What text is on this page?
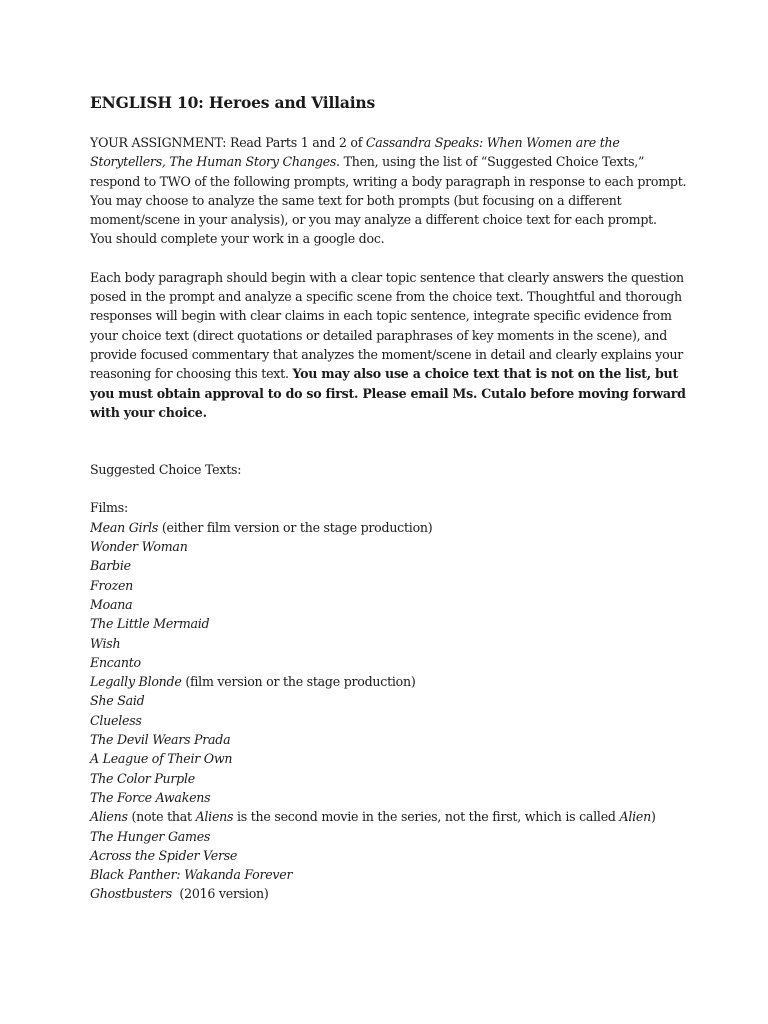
ENGLISH 10: Heroes and Villains

YOUR ASSIGNMENT: Read Parts 1 and 2 of Cassandra Speaks: When Women are the Storytellers, The Human Story Changes. Then, using the list of “Suggested Choice Texts,” respond to TWO of the following prompts, writing a body paragraph in response to each prompt. You may choose to analyze the same text for both prompts (but focusing on a different moment/scene in your analysis), or you may analyze a different choice text for each prompt.

You should complete your work in a google doc.

Each body paragraph should begin with a clear topic sentence that clearly answers the question posed in the prompt and analyze a specific scene from the choice text. Thoughtful and thorough responses will begin with clear claims in each topic sentence, integrate specific evidence from your choice text (direct quotations or detailed paraphrases of key moments in the scene), and provide focused commentary that analyzes the moment/scene in detail and clearly explains your reasoning for choosing this text. You may also use a choice text that is not on the list, but you must obtain approval to do so first. Please email Ms. Cutalo before moving forward with your choice.

Suggested Choice Texts:

Films:

Mean Girls (either film version or the stage production)
Wonder Woman
Barbie
Frozen
Moana
The Little Mermaid
Wish
Encanto
Legally Blonde (film version or the stage production)
She Said
Clueless
The Devil Wears Prada
A League of Their Own
The Color Purple
The Force Awakens
Aliens (note that Aliens is the second movie in the series, not the first, which is called Alien)
The Hunger Games
Across the Spider Verse
Black Panther: Wakanda Forever
Ghostbusters  (2016 version)
